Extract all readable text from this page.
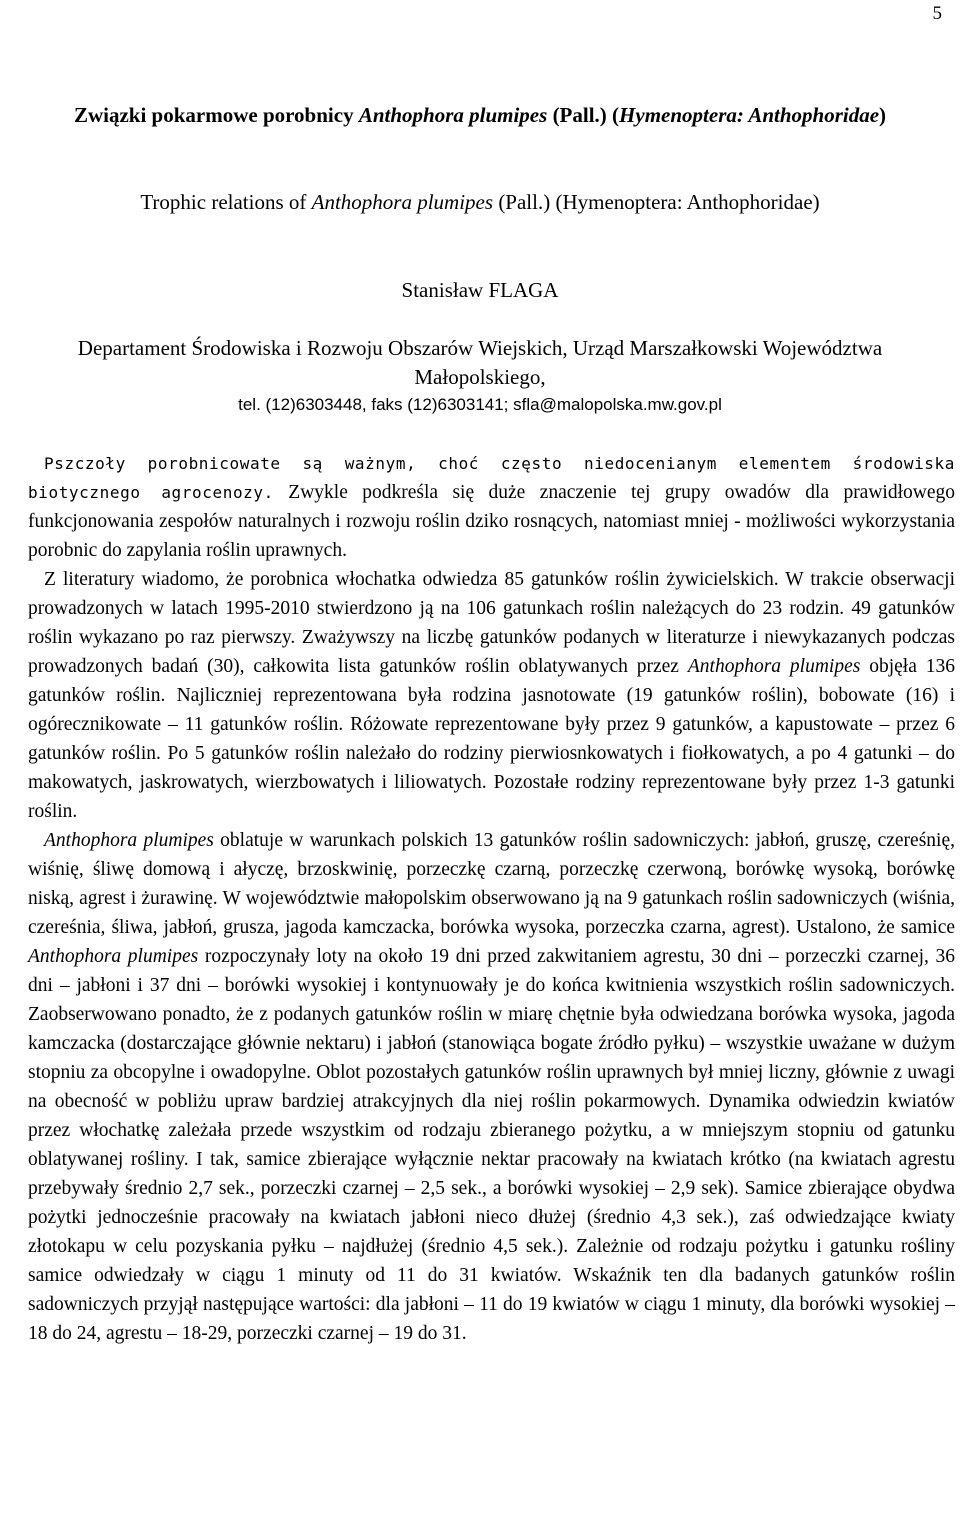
5
Związki pokarmowe porobnicy Anthophora plumipes (Pall.) (Hymenoptera: Anthophoridae)
Trophic relations of Anthophora plumipes (Pall.) (Hymenoptera: Anthophoridae)
Stanisław FLAGA
Departament Środowiska i Rozwoju Obszarów Wiejskich, Urząd Marszałkowski Województwa Małopolskiego,
tel. (12)6303448, faks (12)6303141; sfla@malopolska.mw.gov.pl

Pszczoły porobnicowate są ważnym, choć często niedocenianym elementem środowiska biotycznego agrocenozy. Zwykle podkreśla się duże znaczenie tej grupy owadów dla prawidłowego funkcjonowania zespołów naturalnych i rozwoju roślin dziko rosnących, natomiast mniej - możliwości wykorzystania porobnic do zapylania roślin uprawnych.

Z literatury wiadomo, że porobnica włochatka odwiedza 85 gatunków roślin żywicielskich. W trakcie obserwacji prowadzonych w latach 1995-2010 stwierdzono ją na 106 gatunkach roślin należących do 23 rodzin. 49 gatunków roślin wykazano po raz pierwszy. Zważywszy na liczbę gatunków podanych w literaturze i niewykazanych podczas prowadzonych badań (30), całkowita lista gatunków roślin oblatywanych przez Anthophora plumipes objęła 136 gatunków roślin. Najliczniej reprezentowana była rodzina jasnotowate (19 gatunków roślin), bobowate (16) i ogórecznikowate – 11 gatunków roślin. Różowate reprezentowane były przez 9 gatunków, a kapustowate – przez 6 gatunków roślin. Po 5 gatunków roślin należało do rodziny pierwiosnkowatych i fiołkowatych, a po 4 gatunki – do makowatych, jaskrowatych, wierzbowatych i liliowatych. Pozostałe rodziny reprezentowane były przez 1-3 gatunki roślin.

Anthophora plumipes oblatuje w warunkach polskich 13 gatunków roślin sadowniczych: jabłoń, gruszę, czereśnię, wiśnię, śliwę domową i ałyczę, brzoskwinię, porzeczkę czarną, porzeczkę czerwoną, borówkę wysoką, borówkę niską, agrest i żurawinę. W województwie małopolskim obserwowano ją na 9 gatunkach roślin sadowniczych (wiśnia, czereśnia, śliwa, jabłoń, grusza, jagoda kamczacka, borówka wysoka, porzeczka czarna, agrest). Ustalono, że samice Anthophora plumipes rozpoczynały loty na około 19 dni przed zakwitaniem agrestu, 30 dni – porzeczki czarnej, 36 dni – jabłoni i 37 dni – borówki wysokiej i kontynuowały je do końca kwitnienia wszystkich roślin sadowniczych. Zaobserwowano ponadto, że z podanych gatunków roślin w miarę chętnie była odwiedzana borówka wysoka, jagoda kamczacka (dostarczające głównie nektaru) i jabłoń (stanowiąca bogate źródło pyłku) – wszystkie uważane w dużym stopniu za obcopylne i owadopylne. Oblot pozostałych gatunków roślin uprawnych był mniej liczny, głównie z uwagi na obecność w pobliżu upraw bardziej atrakcyjnych dla niej roślin pokarmowych. Dynamika odwiedzin kwiatów przez włochatkę zależała przede wszystkim od rodzaju zbieranego pożytku, a w mniejszym stopniu od gatunku oblatywanej rośliny. I tak, samice zbierające wyłącznie nektar pracowały na kwiatach krótko (na kwiatach agrestu przebywały średnio 2,7 sek., porzeczki czarnej – 2,5 sek., a borówki wysokiej – 2,9 sek). Samice zbierające obydwa pożytki jednocześnie pracowały na kwiatach jabłoni nieco dłużej (średnio 4,3 sek.), zaś odwiedzające kwiaty złotokapu w celu pozyskania pyłku – najdłużej (średnio 4,5 sek.). Zależnie od rodzaju pożytku i gatunku rośliny samice odwiedzały w ciągu 1 minuty od 11 do 31 kwiatów. Wskaźnik ten dla badanych gatunków roślin sadowniczych przyjął następujące wartości: dla jabłoni – 11 do 19 kwiatów w ciągu 1 minuty, dla borówki wysokiej – 18 do 24, agrestu – 18-29, porzeczki czarnej – 19 do 31.
